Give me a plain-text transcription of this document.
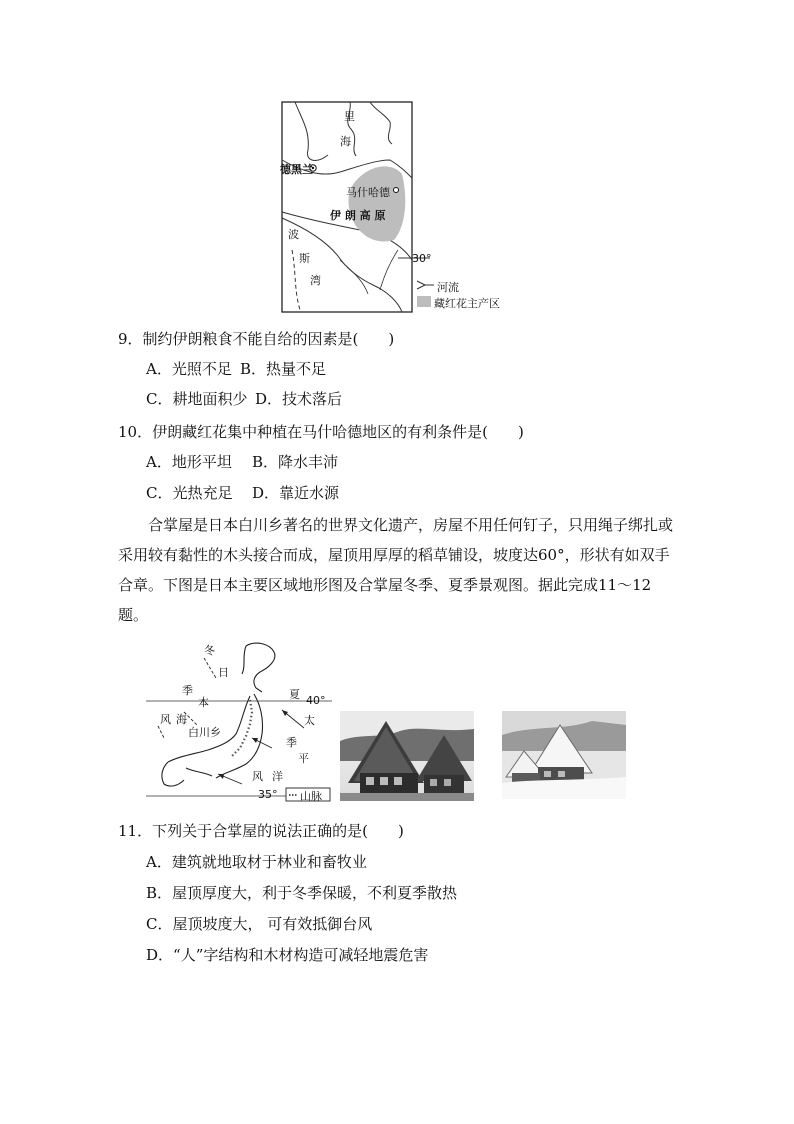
里
海
德黑兰
马什哈德
伊 朗 高 原
波
斯
湾
30°
河流
藏红花主产区
9．制约伊朗粮食不能自给的因素是(　　)
A．光照不足 B．热量不足
C．耕地面积少 D．技术落后
10．伊朗藏红花集中种植在马什哈德地区的有利条件是(　　)
A．地形平坦 B．降水丰沛
C．光热充足 D．靠近水源
合掌屋是日本白川乡著名的世界文化遗产，房屋不用任何钉子，只用绳子绑扎或采用较有黏性的木头接合而成，屋顶用厚厚的稻草铺设，坡度达60°，形状有如双手合章。下图是日本主要区域地形图及合掌屋冬季、夏季景观图。据此完成11～12题。
冬
日
季
本
风 海
白川乡
夏 40°
太
季
平
风 洋
35° 山脉
11．下列关于合掌屋的说法正确的是(　　)
A．建筑就地取材于林业和畜牧业
B．屋顶厚度大，利于冬季保暖，不利夏季散热
C．屋顶坡度大， 可有效抵御台风
D．“人”字结构和木材构造可减轻地震危害
